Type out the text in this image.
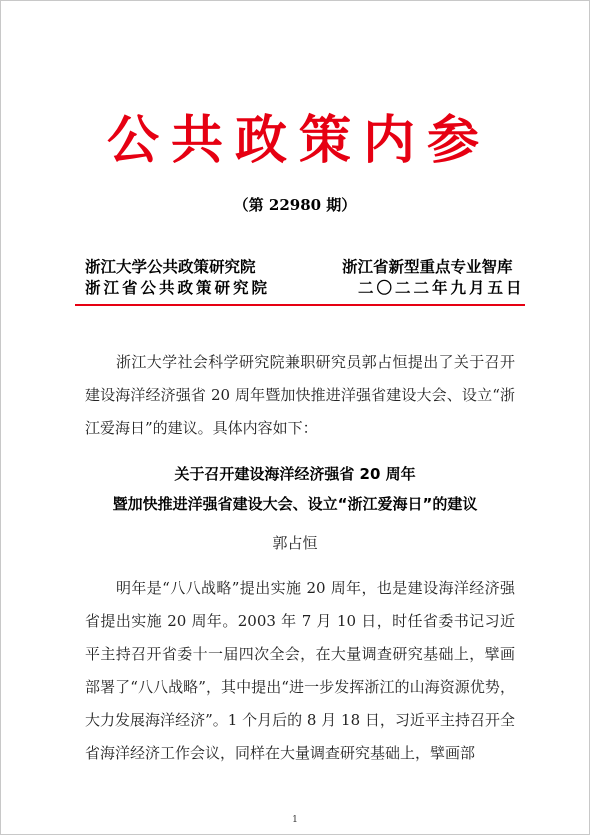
公共政策内参
（第 22980 期）
浙江大学公共政策研究院
浙江省公共政策研究院
浙江省新型重点专业智库
二〇二二年九月五日
浙江大学社会科学研究院兼职研究员郭占恒提出了关于召开建设海洋经济强省 20 周年暨加快推进洋强省建设大会、设立“浙江爱海日”的建议。具体内容如下：
关于召开建设海洋经济强省 20 周年
暨加快推进洋强省建设大会、设立“浙江爱海日”的建议
郭占恒
明年是“八八战略”提出实施 20 周年，也是建设海洋经济强省提出实施 20 周年。2003 年 7 月 10 日，时任省委书记习近平主持召开省委十一届四次全会，在大量调查研究基础上，擘画部署了“八八战略”，其中提出“进一步发挥浙江的山海资源优势，大力发展海洋经济”。1 个月后的 8 月 18 日，习近平主持召开全省海洋经济工作会议，同样在大量调查研究基础上，擘画部
1
